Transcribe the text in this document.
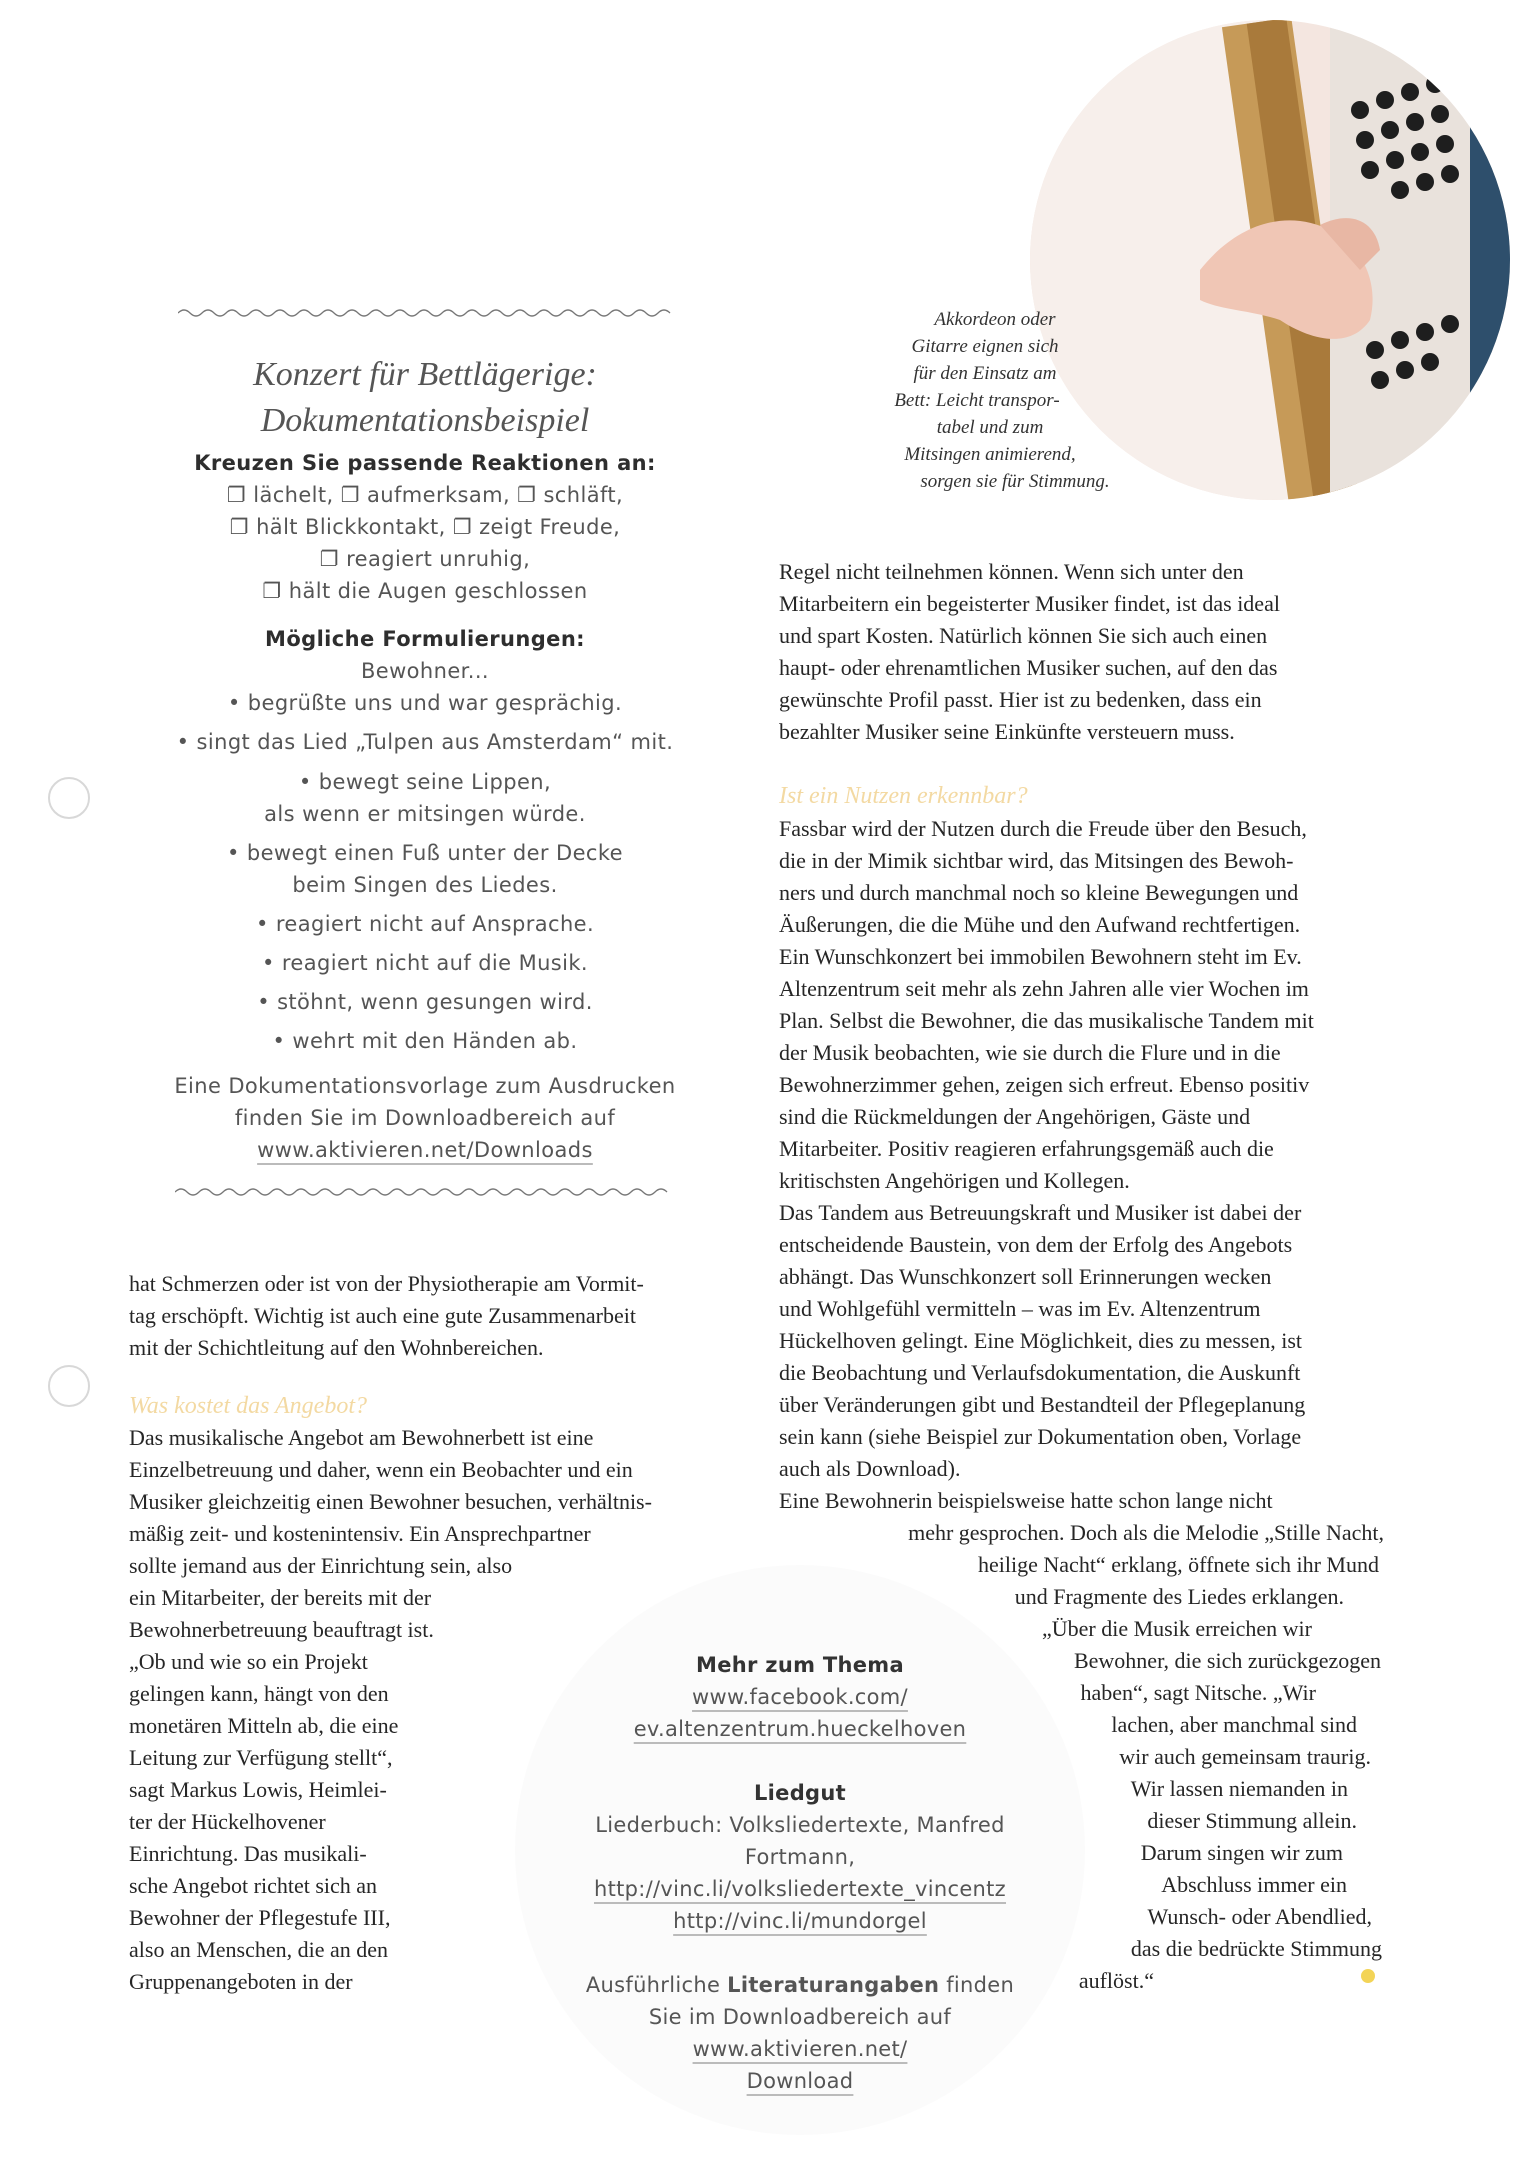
Konzert für Bettlägerige:
Dokumentationsbeispiel
Kreuzen Sie passende Reaktionen an:
❐ lächelt, ❐ aufmerksam, ❐ schläft,
❐ hält Blickkontakt, ❐ zeigt Freude,
❐ reagiert unruhig,
❐ hält die Augen geschlossen
Mögliche Formulierungen:
Bewohner...
• begrüßte uns und war gesprächig.
• singt das Lied „Tulpen aus Amsterdam“ mit.
• bewegt seine Lippen,
als wenn er mitsingen würde.
• bewegt einen Fuß unter der Decke
beim Singen des Liedes.
• reagiert nicht auf Ansprache.
• reagiert nicht auf die Musik.
• stöhnt, wenn gesungen wird.
• wehrt mit den Händen ab.
Eine Dokumentationsvorlage zum Ausdrucken
finden Sie im Downloadbereich auf
www.aktivieren.net/Downloads
Akkordeon oder
Gitarre eignen sich
für den Einsatz am
Bett: Leicht transpor-
tabel und zum
Mitsingen animierend,
sorgen sie für Stimmung.
Regel nicht teilnehmen können. Wenn sich unter den
Mitarbeitern ein begeisterter Musiker findet, ist das ideal
und spart Kosten. Natürlich können Sie sich auch einen
haupt- oder ehrenamtlichen Musiker suchen, auf den das
gewünschte Profil passt. Hier ist zu bedenken, dass ein
bezahlter Musiker seine Einkünfte versteuern muss.
Ist ein Nutzen erkennbar?
Fassbar wird der Nutzen durch die Freude über den Besuch,
die in der Mimik sichtbar wird, das Mitsingen des Bewoh-
ners und durch manchmal noch so kleine Bewegungen und
Äußerungen, die die Mühe und den Aufwand rechtfertigen.
Ein Wunschkonzert bei immobilen Bewohnern steht im Ev.
Altenzentrum seit mehr als zehn Jahren alle vier Wochen im
Plan. Selbst die Bewohner, die das musikalische Tandem mit
der Musik beobachten, wie sie durch die Flure und in die
Bewohnerzimmer gehen, zeigen sich erfreut. Ebenso positiv
sind die Rückmeldungen der Angehörigen, Gäste und
Mitarbeiter. Positiv reagieren erfahrungsgemäß auch die
kritischsten Angehörigen und Kollegen.
Das Tandem aus Betreuungskraft und Musiker ist dabei der
entscheidende Baustein, von dem der Erfolg des Angebots
abhängt. Das Wunschkonzert soll Erinnerungen wecken
und Wohlgefühl vermitteln – was im Ev. Altenzentrum
Hückelhoven gelingt. Eine Möglichkeit, dies zu messen, ist
die Beobachtung und Verlaufsdokumentation, die Auskunft
über Veränderungen gibt und Bestandteil der Pflegeplanung
sein kann (siehe Beispiel zur Dokumentation oben, Vorlage
auch als Download).
Eine Bewohnerin beispielsweise hatte schon lange nicht
mehr gesprochen. Doch als die Melodie „Stille Nacht,
heilige Nacht“ erklang, öffnete sich ihr Mund
und Fragmente des Liedes erklangen.
„Über die Musik erreichen wir
Bewohner, die sich zurückgezogen
haben“, sagt Nitsche. „Wir
lachen, aber manchmal sind
wir auch gemeinsam traurig.
Wir lassen niemanden in
dieser Stimmung allein.
Darum singen wir zum
Abschluss immer ein
Wunsch- oder Abendlied,
das die bedrückte Stimmung
auflöst.“
hat Schmerzen oder ist von der Physiotherapie am Vormit-
tag erschöpft. Wichtig ist auch eine gute Zusammenarbeit
mit der Schichtleitung auf den Wohnbereichen.
Was kostet das Angebot?
Das musikalische Angebot am Bewohnerbett ist eine
Einzelbetreuung und daher, wenn ein Beobachter und ein
Musiker gleichzeitig einen Bewohner besuchen, verhältnis-
mäßig zeit- und kostenintensiv. Ein Ansprechpartner
sollte jemand aus der Einrichtung sein, also
ein Mitarbeiter, der bereits mit der
Bewohnerbetreuung beauftragt ist.
„Ob und wie so ein Projekt
gelingen kann, hängt von den
monetären Mitteln ab, die eine
Leitung zur Verfügung stellt“,
sagt Markus Lowis, Heimlei-
ter der Hückelhovener
Einrichtung. Das musikali-
sche Angebot richtet sich an
Bewohner der Pflegestufe III,
also an Menschen, die an den
Gruppenangeboten in der
Mehr zum Thema
www.facebook.com/
ev.altenzentrum.hueckelhoven
Liedgut
Liederbuch: Volksliedertexte, Manfred
Fortmann,
http://vinc.li/volksliedertexte_vincentz
http://vinc.li/mundorgel
Ausführliche Literaturangaben finden
Sie im Downloadbereich auf
www.aktivieren.net/
Download
